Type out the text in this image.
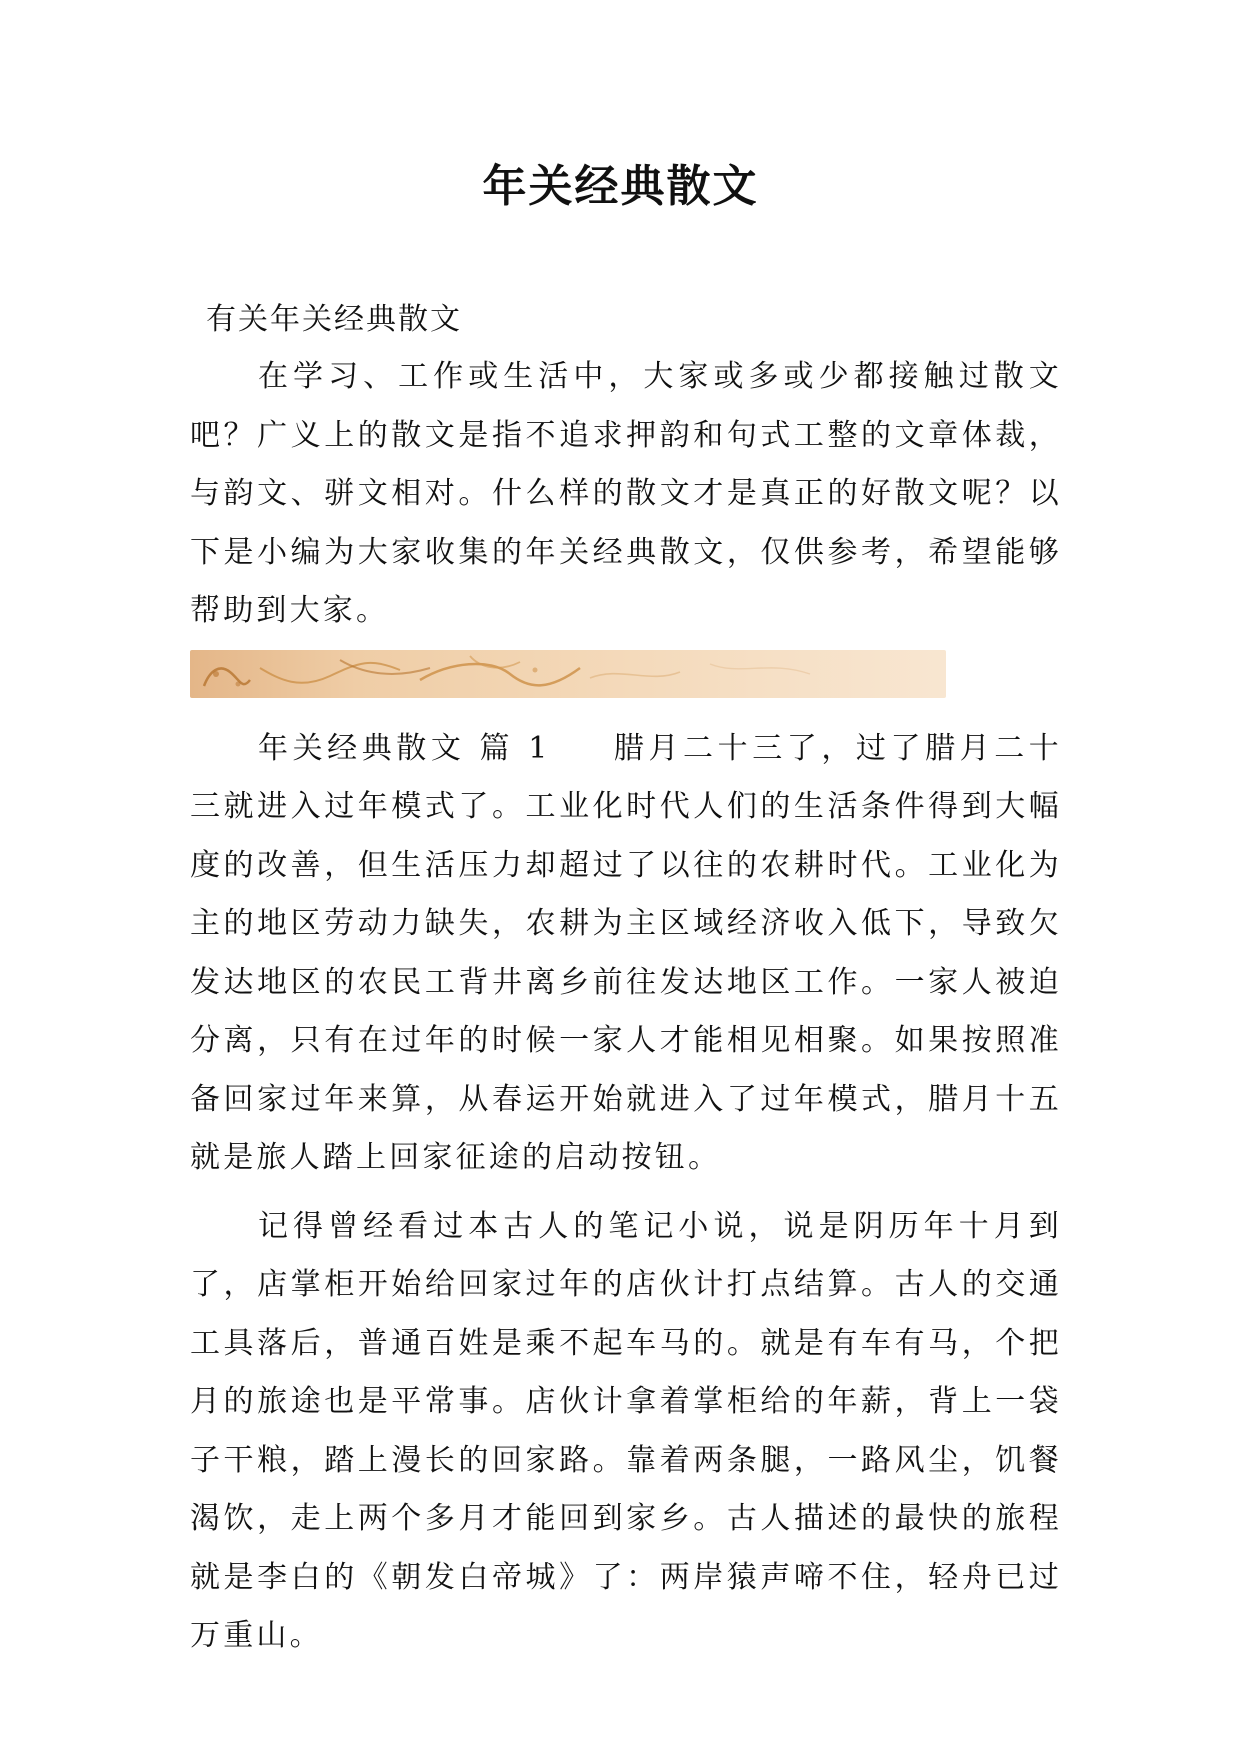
年关经典散文

有关年关经典散文

在学习、工作或生活中，大家或多或少都接触过散文吧？广义上的散文是指不追求押韵和句式工整的文章体裁，与韵文、骈文相对。什么样的散文才是真正的好散文呢？以下是小编为大家收集的年关经典散文，仅供参考，希望能够帮助到大家。

年关经典散文 篇 1 腊月二十三了，过了腊月二十三就进入过年模式了。工业化时代人们的生活条件得到大幅度的改善，但生活压力却超过了以往的农耕时代。工业化为主的地区劳动力缺失，农耕为主区域经济收入低下，导致欠发达地区的农民工背井离乡前往发达地区工作。一家人被迫分离，只有在过年的时候一家人才能相见相聚。如果按照准备回家过年来算，从春运开始就进入了过年模式，腊月十五就是旅人踏上回家征途的启动按钮。

记得曾经看过本古人的笔记小说，说是阴历年十月到了，店掌柜开始给回家过年的店伙计打点结算。古人的交通工具落后，普通百姓是乘不起车马的。就是有车有马，个把月的旅途也是平常事。店伙计拿着掌柜给的年薪，背上一袋子干粮，踏上漫长的回家路。靠着两条腿，一路风尘，饥餐渴饮，走上两个多月才能回到家乡。古人描述的最快的旅程就是李白的《朝发白帝城》了：两岸猿声啼不住，轻舟已过万重山。
